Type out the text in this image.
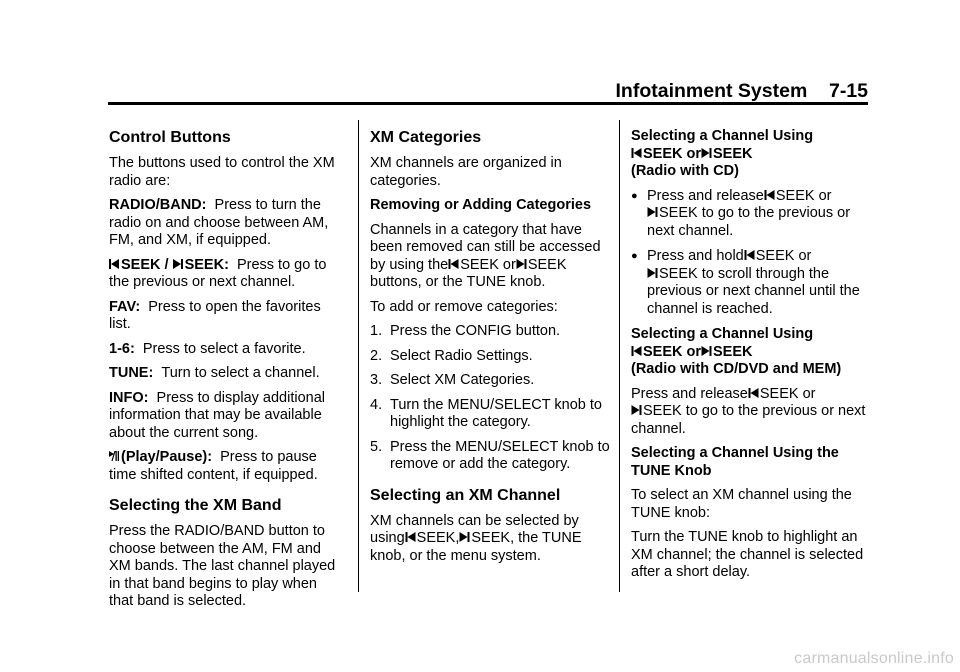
Infotainment System 7-15
Control Buttons

The buttons used to control the XM radio are:

RADIO/BAND: Press to turn the radio on and choose between AM, FM, and XM, if equipped.

SEEK / SEEK: Press to go to the previous or next channel.

FAV: Press to open the favorites list.

1-6: Press to select a favorite.

TUNE: Turn to select a channel.

INFO: Press to display additional information that may be available about the current song.

(Play/Pause): Press to pause time shifted content, if equipped.

Selecting the XM Band

Press the RADIO/BAND button to choose between the AM, FM and XM bands. The last channel played in that band begins to play when that band is selected.

XM Categories

XM channels are organized in categories.

Removing or Adding Categories

Channels in a category that have been removed can still be accessed by using the SEEK or SEEK buttons, or the TUNE knob.

To add or remove categories:

1. Press the CONFIG button.
2. Select Radio Settings.
3. Select XM Categories.
4. Turn the MENU/SELECT knob to highlight the category.
5. Press the MENU/SELECT knob to remove or add the category.
Selecting an XM Channel

XM channels can be selected by using SEEK, SEEK, the TUNE knob, or the menu system.

Selecting a Channel Using
SEEK or SEEK
(Radio with CD)
● Press and release SEEK or

SEEK to go to the previous or next channel.
● Press and hold SEEK or

SEEK to scroll through the previous or next channel until the channel is reached.
Selecting a Channel Using
SEEK or SEEK
(Radio with CD/DVD and MEM)

Press and release SEEK or

SEEK to go to the previous or next channel.

Selecting a Channel Using the TUNE Knob

To select an XM channel using the TUNE knob:

Turn the TUNE knob to highlight an XM channel; the channel is selected after a short delay.

carmanualsonline.info
